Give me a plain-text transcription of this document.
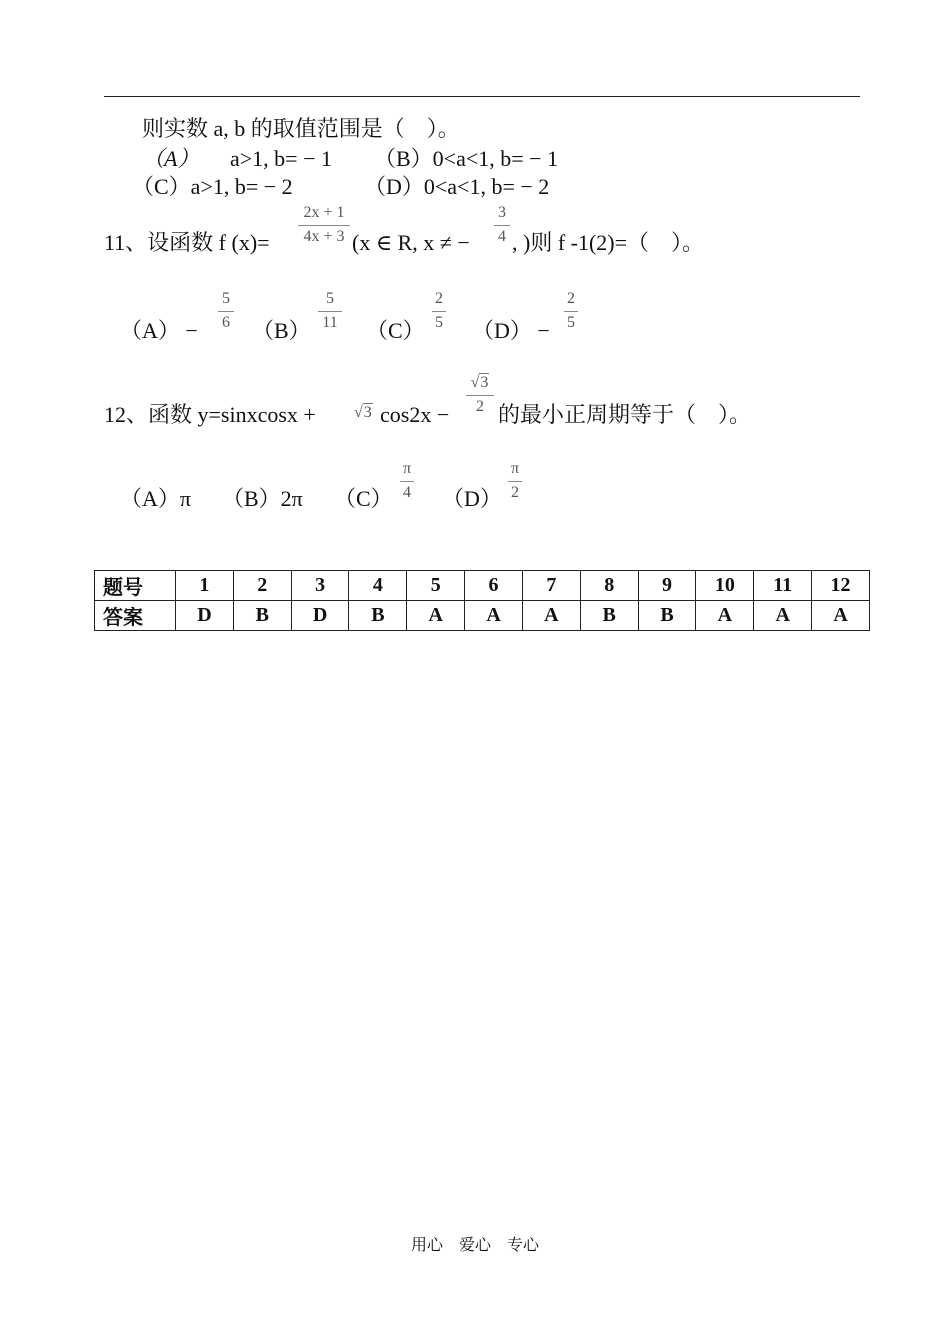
则实数 a, b 的取值范围是（　）。
（A） a>1, b= − 1 （B）0<a<1, b= − 1
（C）a>1, b= − 2	（D）0<a<1, b= − 2
11、设函数 f (x)=
2x + 1
4x + 3 (x ∈ R, x ≠ −
3
4 , )则 f -1(2)=（　）。
（A） −
5
6 （B）
5
11 （C）
2
5 （D） −
2
5
12、函数 y=sinxcosx + √3 cos2x −
√3
2 的最小正周期等于（　）。
（A）π （B）2π （C）
π
4 （D）
π
2
题号	1	2	3	4	5	6	7	8	9	10	11	12
答案	D	B	D	B	A	A	A	B	B	A	A	A
用心　爱心　专心
